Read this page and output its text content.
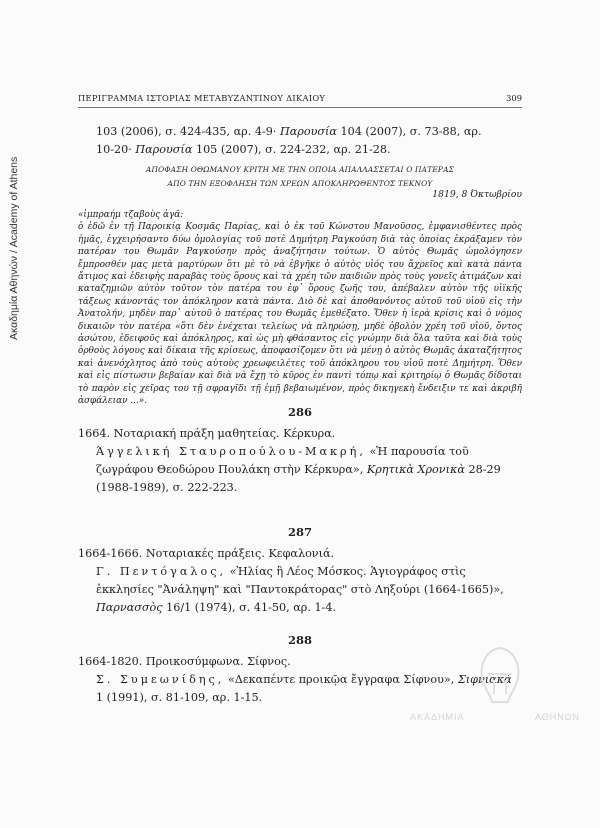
Ακαδημία Αθηνών / Academy of Athens
ΠΕΡΙΓΡΑΜΜΑ ΙΣΤΟΡΙΑΣ ΜΕΤΑΒΥΖΑΝΤΙΝΟΥ ΔΙΚΑΙΟΥ	309
103 (2006), σ. 424-435, αρ. 4-9· Παρουσία 104 (2007), σ. 73-88, αρ.
10-20· Παρουσία 105 (2007), σ. 224-232, αρ. 21-28.
ΑΠΟΦΑΣΗ ΟΘΩΜΑΝΟΥ ΚΡΙΤΗ ΜΕ ΤΗΝ ΟΠΟΙΑ ΑΠΑΛΛΑΣΣΕΤΑΙ Ο ΠΑΤΕΡΑΣ
ΑΠΟ ΤΗΝ ΕΞΟΦΛΗΣΗ ΤΩΝ ΧΡΕΩΝ ΑΠΟΚΛΗΡΩΘΕΝΤΟΣ ΤΕΚΝΟΥ
1819, 8 Όκτωβρίου

«ἰμπραήμ τζαβοὺς ἀγᾶ:

ὁ ἐδῶ ἐν τῇ Παροικίᾳ Κοσμᾶς Παρίας, καὶ ὁ ἐκ τοῦ Κώνστου Μανοῦσος, ἐμφανισθέντες πρὸς ἡμᾶς, ἐγχειρήσαντο δύω ὁμολογίας τοῦ ποτὲ Δημήτρη Ραγκούση διὰ τὰς ὁποίας ἐκράξαμεν τὸν πατέραν του Θωμᾶν Ραγκούσην πρὸς ἀναζήτησιν τούτων. Ὁ αὐτὸς Θωμᾶς ὡμολόγησεν ἔμπροσθέν μας μετὰ μαρτύρων ὅτι μὲ τὸ νὰ ἐβγῆκε ὁ αὐτὸς υἱός του ἄχρεῖος καὶ κατὰ πάντα ἄτιμος καὶ ἐδειφὴς παραβὰς τοὺς ὅρους καὶ τὰ χρέη τῶν παιδιῶν πρὸς τοὺς γονεῖς ἀτιμάζων καὶ καταζημιῶν αὐτὸν τοῦτον τὸν πατέρα του ἐφ᾽ ὅρους ζωῆς του, ἀπέβαλεν αὐτὸν τῆς υἱϊκῆς τάξεως κάνοντάς τον ἀπόκληρον κατὰ πάντα. Διὸ δὲ καὶ ἀποθανόντος αὐτοῦ τοῦ υἱοῦ εἰς τὴν Ἀνατολήν, μηδὲν παρ᾽ αὐτοῦ ὁ πατέρας του Θωμᾶς ἐμεθέξατο. Ὅθεν ἡ ἱερὰ κρίσις καὶ ὁ νόμος δικαιῶν τὸν πατέρα «ὅτι δὲν ἐνέχεται τελείως νὰ πληρώσῃ, μηδὲ ὀβολὸν χρέη τοῦ υἱοῦ, ὄντος ἀσώτου, ἐδειφοῦς καὶ ἀπόκληρος, καὶ ὡς μὴ φθάσαντος εἰς γνώμην διὰ ὅλα ταῦτα καὶ διὰ τοὺς ὀρθοὺς λόγους καὶ δίκαια τῆς κρίσεως, ἀποφασίζομεν ὅτι νὰ μένῃ ὁ αὐτὸς Θωμᾶς ἀκαταζήτητος καὶ ἀνενόχλητος ἀπὸ τοὺς αὐτοὺς χρεωφειλέτες τοῦ ἀπόκληρου του υἱοῦ ποτὲ Δημήτρη. Ὅθεν καὶ εἰς πίστωσιν βεβαίαν καὶ διὰ νὰ ἔχῃ τὸ κῦρος ἐν παντὶ τόπῳ καὶ κριτηρίῳ ὁ Θωμᾶς δίδοται τὸ παρὸν εἰς χεῖρας του τῇ σφραγῖδι τῇ ἐμῇ βεβαιωμένον, πρὸς δικηγεκὴ ἔνδειξιν τε καὶ ἀκριβῆ ἀσφάλειαν ...».

286

1664. Νοταριακή πράξη μαθητείας. Κέρκυρα.

Άγγελική Σταυροπούλου-Μακρή, «Ἡ παρουσία τοῦ ζωγράφου Θεοδώρου Πουλάκη στὴν Κέρκυρα», Κρητικὰ Χρονικὰ 28-29 (1988-1989), σ. 222-223.

287

1664-1666. Νοταριακές πράξεις. Κεφαλονιά.

Γ. Πεντόγαλος, «Ἠλίας ἢ Λέος Μόσκος. Ἁγιογράφος στὶς ἐκκλησίες "Ἀνάληψη" καὶ "Παντοκράτορας" στὸ Ληξούρι (1664-1665)», Παρνασσὸς 16/1 (1974), σ. 41-50, αρ. 1-4.

288

1664-1820. Προικοσύμφωνα. Σίφνος.

Σ. Συμεωνίδης, «Δεκαπέντε προικῷα ἔγγραφα Σίφνου», Σιφνιακὰ 1 (1991), σ. 81-109, αρ. 1-15.

ΑΚΑΔΗΜΙΑ	ΑΘΗΝΩΝ
